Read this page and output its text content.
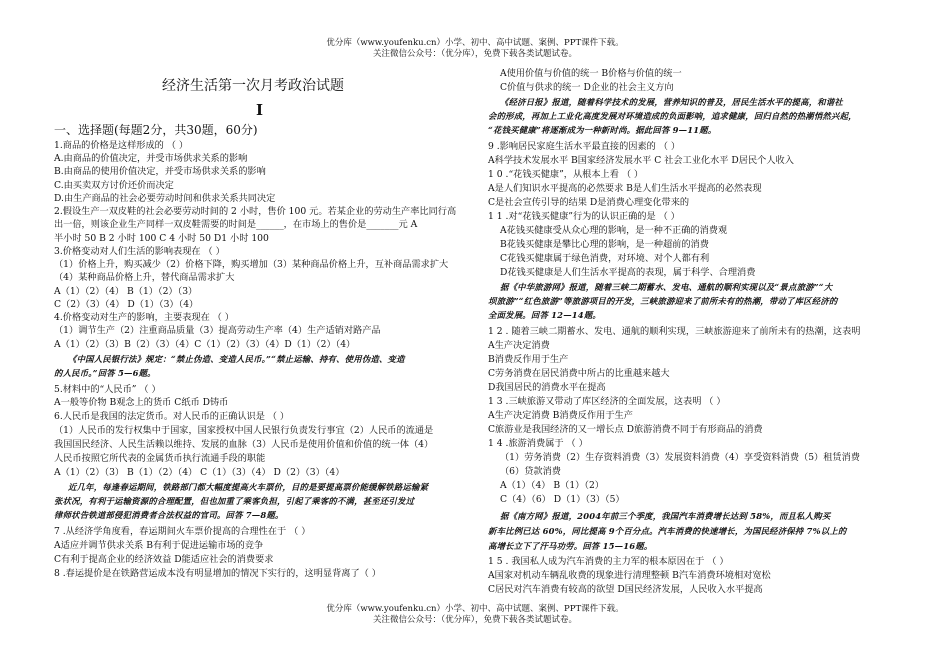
优分库（www.youfenku.cn）小学、初中、高中试题、案例、PPT课件下载。
关注微信公众号：（优分库），免费下载各类试题试卷。
经济生活第一次月考政治试题
I
一、选择题(每题2分，共30题，60分)
1.商品的价格是这样形成的 （ ）
A.由商品的价值决定，并受市场供求关系的影响
B.由商品的使用价值决定，并受市场供求关系的影响
C.由买卖双方讨价还价而决定
D.由生产商品的社会必要劳动时间和供求关系共同决定
2.假设生产一双皮鞋的社会必要劳动时间的 2 小时，售价 100 元。若某企业的劳动生产率比同行高
出一倍，则该企业生产同样一双皮鞋需要的时间是______，在市场上的售价是_______元 A
半小时 50 B 2 小时 100 C 4 小时 50 D1 小时 100
3.价格变动对人们生活的影响表现在 （ ）
（1）价格上升，购买减少（2）价格下降，购买增加（3）某种商品价格上升，互补商品需求扩大
（4）某种商品价格上升，替代商品需求扩大
A（1）（2）（4） B（1）（2）（3）
C（2）（3）（4） D（1）（3）（4）
4.价格变动对生产的影响，主要表现在 （ ）
（1）调节生产（2）注重商品质量（3）提高劳动生产率（4）生产适销对路产品
A（1）（2）（3）B（2）（3）（4）C（1）（2）（3）（4）D（1）（2）（4）
《中国人民银行法》规定：“禁止伪造、变造人民币。”“禁止运输、持有、使用伪造、变造
的人民币。”回答 5—6题。
5.材料中的“人民币” （ ）
A一般等价物 B观念上的货币 C纸币 D铸币
6.人民币是我国的法定货币。对人民币的正确认识是 （ ）
（1）人民币的发行权集中于国家，国家授权中国人民银行负责发行事宜（2）人民币的流通是
我国国民经济、人民生活赖以维持、发展的血脉（3）人民币是使用价值和价值的统一体（4）
人民币按照它所代表的金属货币执行流通手段的职能
A（1）（2）（3） B（1）（2）（4） C（1）（3）（4） D（2）（3）（4）
近几年，每逢春运期间，铁路部门都大幅度提高火车票价，目的是要提高票价能缓解铁路运输紧
张状况，有利于运输资源的合理配置，但也加重了乘客负担，引起了乘客的不满，甚至还引发过
律师状告铁道部侵犯消费者合法权益的官司。回答 7—8题。
7 .从经济学角度看，春运期间火车票价提高的合理性在于 （ ）
A适应并调节供求关系 B有利于促进运输市场的竞争
C有利于提高企业的经济效益 D能适应社会的消费要求
8 .春运提价是在铁路营运成本没有明显增加的情况下实行的，这明显背离了（ ）
A使用价值与价值的统一 B价格与价值的统一
C价值与供求的统一 D企业的社会主义方向
《经济日报》报道，随着科学技术的发展，营养知识的普及，居民生活水平的提高，和谐社
会的形成，再加上工业化高度发展对环境造成的负面影响，追求健康，回归自然的热潮悄然兴起，
“花钱买健康”将逐渐成为一种新时尚。据此回答 9—11题。
9 .影响居民家庭生活水平最直接的因素的 （ ）
A科学技术发展水平 B国家经济发展水平 C 社会工业化水平 D居民个人收入
1 0 .“花钱买健康”，从根本上看 （ ）
A是人们知识水平提高的必然要求 B是人们生活水平提高的必然表现
C是社会宣传引导的结果 D是消费心理变化带来的
1 1 .对“花钱买健康”行为的认识正确的是 （ ）
A花钱买健康受从众心理的影响，是一种不正确的消费观
B花钱买健康是攀比心理的影响，是一种超前的消费
C花钱买健康属于绿色消费，对环境、对个人都有利
D花钱买健康是人们生活水平提高的表现，属于科学、合理消费
据《中华旅游网》报道，随着三峡二期蓄水、发电、通航的顺利实现以及“景点旅游”“大
坝旅游”“红色旅游”等旅游项目的开发，三峡旅游迎来了前所未有的热潮，带动了库区经济的
全面发展。回答 12—14题。
1 2 . 随着三峡二期蓄水、发电、通航的顺利实现，三峡旅游迎来了前所未有的热潮，这表明
A生产决定消费
B消费反作用于生产
C劳务消费在居民消费中所占的比重越来越大
D我国居民的消费水平在提高
1 3 .三峡旅游又带动了库区经济的全面发展，这表明 （ ）
A生产决定消费 B消费反作用于生产
C旅游业是我国经济的又一增长点 D旅游消费不同于有形商品的消费
1 4 .旅游消费属于 （ ）
（1）劳务消费（2）生存资料消费（3）发展资料消费（4）享受资料消费（5）租赁消费
（6）贷款消费
A（1）（4） B（1）（2）
C（4）（6） D（1）（3）（5）
据《南方网》报道，2004年前三个季度，我国汽车消费增长达到 58%，而且私人购买
新车比例已达 60%，同比提高 9个百分点。汽车消费的快速增长，为国民经济保持 7%以上的
高增长立下了汗马功劳。回答 15—16题。
1 5 . 我国私人成为汽车消费的主力军的根本原因在于 （ ）
A国家对机动车辆乱收费的现象进行清理整顿 B汽车消费环境相对宽松
C居民对汽车消费有较高的欲望 D国民经济发展，人民收入水平提高
优分库（www.youfenku.cn）小学、初中、高中试题、案例、PPT课件下载。
关注微信公众号：（优分库），免费下载各类试题试卷。
